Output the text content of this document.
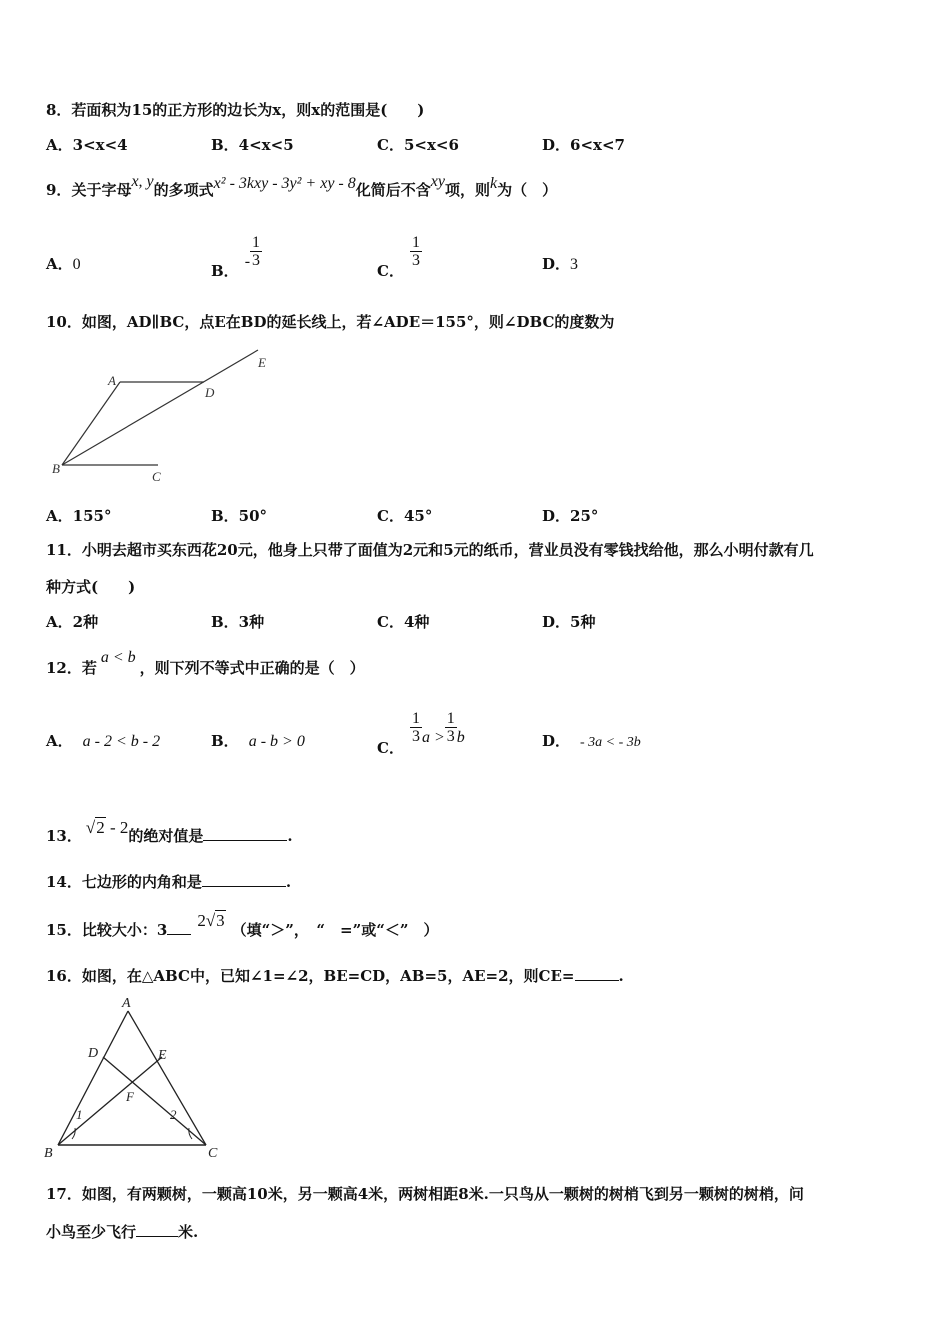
8．若面积为15的正方形的边长为x，则x的范围是(　　)
A．3<x<4	B．4<x<5	C．5<x<6	D．6<x<7
9．关于字母x, y的多项式x² - 3kxy - 3y² + xy - 8化简后不含xy项，则k为（　）
A．0	B．- $\frac{1}{3}$
C．
$\frac{1}{3}$	D．3
10．如图，AD∥BC，点E在BD的延长线上，若∠ADE＝155°，则∠DBC的度数为
A
D
E
B
C
A．155°	B．50°	C．45°	D．25°
11．小明去超市买东西花20元，他身上只带了面值为2元和5元的纸币，营业员没有零钱找给他，那么小明付款有几
种方式(　　)
A．2种	B．3种	C．4种	D．5种
12．若a < b，则下列不等式中正确的是（　）
A． a - 2 < b - 2	B． a - b > 0	C．
$\frac{1}{3}$ $a > \frac{1}{3}$ b	D． - 3a < - 3b
13． √2 - 2的绝对值是	.
14．七边形的内角和是	.
15．比较大小：3 2√3 （填“＞”，　“　=”或“＜”　）
16．如图，在△ABC中，已知∠1=∠2，BE=CD，AB=5，AE=2，则CE=	.
A
D	E
F
1	2
B	C
17．如图，有两颗树，一颗高10米，另一颗高4米，两树相距8米.一只鸟从一颗树的树梢飞到另一颗树的树梢，问
小鸟至少飞行	米.
